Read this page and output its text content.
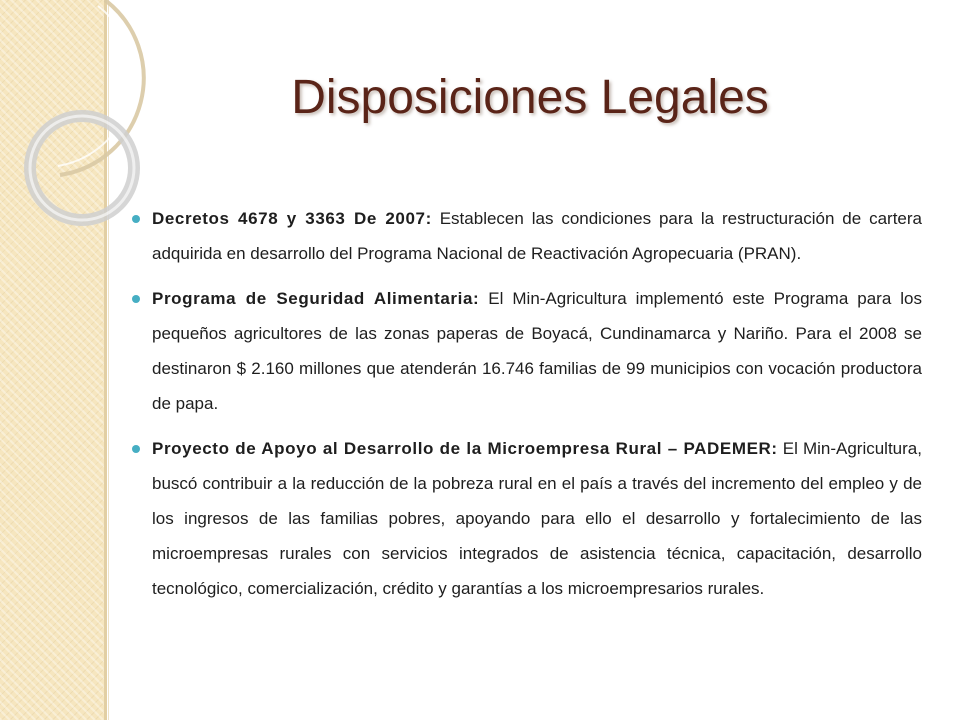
Disposiciones Legales
Decretos 4678 y 3363 De 2007: Establecen las condiciones para la restructuración de cartera adquirida en desarrollo del Programa Nacional de Reactivación Agropecuaria (PRAN).
Programa de Seguridad Alimentaria: El Min-Agricultura implementó este Programa para los pequeños agricultores de las zonas paperas de Boyacá, Cundinamarca y Nariño. Para el 2008 se destinaron $ 2.160 millones que atenderán 16.746 familias de 99 municipios con vocación productora de papa.
Proyecto de Apoyo al Desarrollo de la Microempresa Rural – PADEMER: El Min-Agricultura, buscó contribuir a la reducción de la pobreza rural en el país a través del incremento del empleo y de los ingresos de las familias pobres, apoyando para ello el desarrollo y fortalecimiento de las microempresas rurales con servicios integrados de asistencia técnica, capacitación, desarrollo tecnológico, comercialización, crédito y garantías a los microempresarios rurales.
